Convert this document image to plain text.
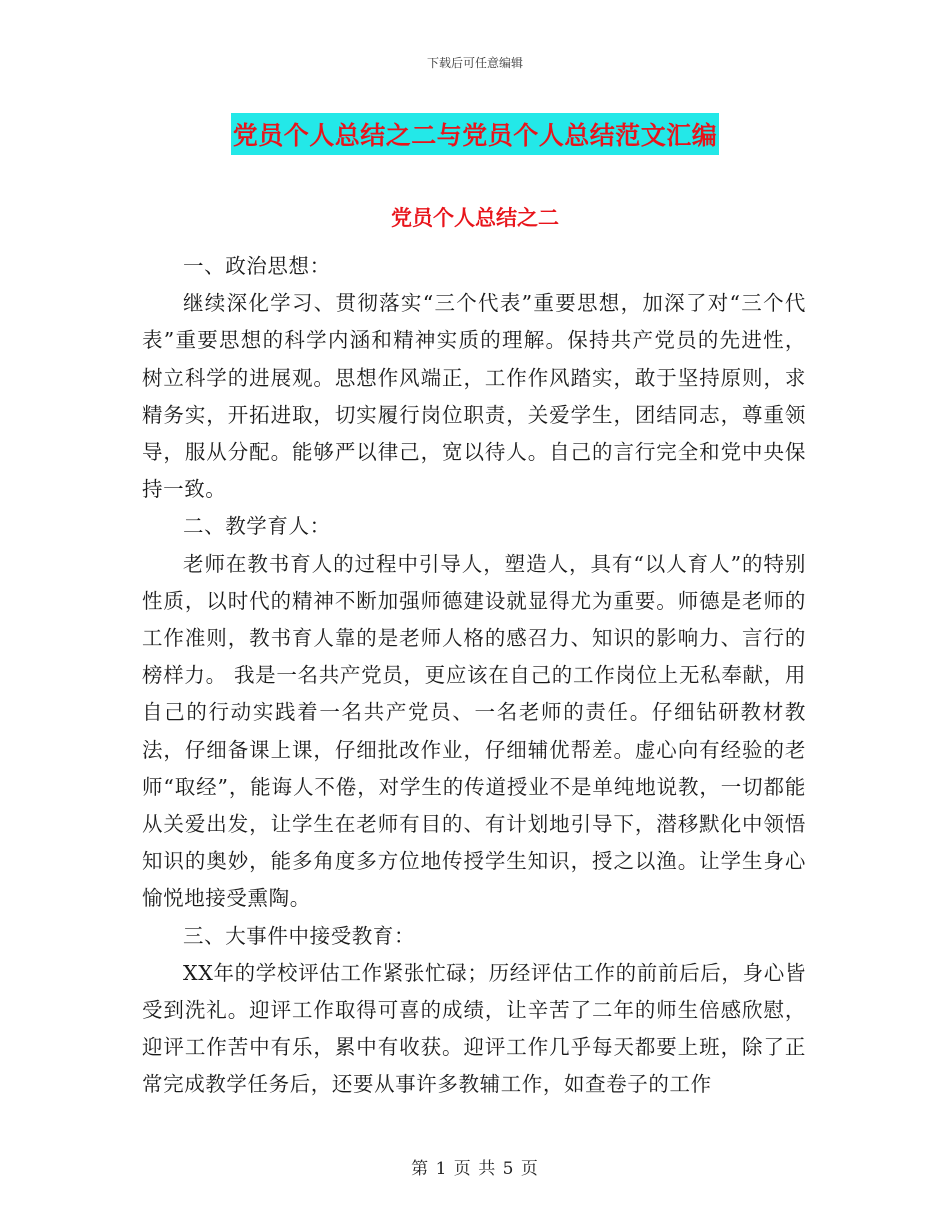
下载后可任意编辑
党员个人总结之二与党员个人总结范文汇编
党员个人总结之二

一、政治思想：

继续深化学习、贯彻落实“三个代表”重要思想，加深了对“三个代表”重要思想的科学内涵和精神实质的理解。保持共产党员的先进性，树立科学的进展观。思想作风端正，工作作风踏实，敢于坚持原则，求精务实，开拓进取，切实履行岗位职责，关爱学生，团结同志，尊重领导，服从分配。能够严以律己，宽以待人。自己的言行完全和党中央保持一致。

二、教学育人：

老师在教书育人的过程中引导人，塑造人，具有“以人育人”的特别性质，以时代的精神不断加强师德建设就显得尤为重要。师德是老师的工作准则，教书育人靠的是老师人格的感召力、知识的影响力、言行的榜样力。 我是一名共产党员，更应该在自己的工作岗位上无私奉献，用自己的行动实践着一名共产党员、一名老师的责任。仔细钻研教材教法，仔细备课上课，仔细批改作业，仔细辅优帮差。虚心向有经验的老师“取经”，能诲人不倦，对学生的传道授业不是单纯地说教，一切都能从关爱出发，让学生在老师有目的、有计划地引导下，潜移默化中领悟知识的奥妙，能多角度多方位地传授学生知识，授之以渔。让学生身心愉悦地接受熏陶。

三、大事件中接受教育：

XX年的学校评估工作紧张忙碌；历经评估工作的前前后后，身心皆受到洗礼。迎评工作取得可喜的成绩，让辛苦了二年的师生倍感欣慰，迎评工作苦中有乐，累中有收获。迎评工作几乎每天都要上班，除了正常完成教学任务后，还要从事许多教辅工作，如查卷子的工作

第 1 页 共 5 页
